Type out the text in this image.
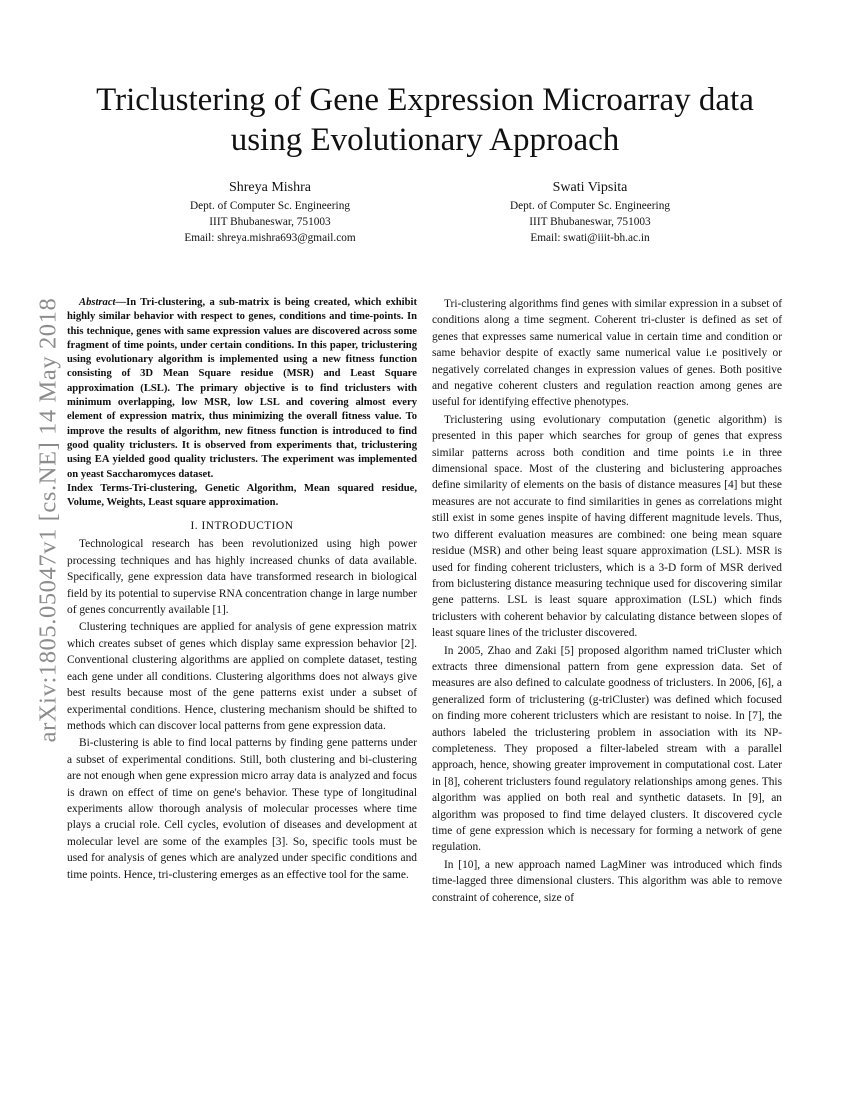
arXiv:1805.05047v1 [cs.NE] 14 May 2018
Triclustering of Gene Expression Microarray data using Evolutionary Approach
Shreya Mishra
Dept. of Computer Sc. Engineering
IIIT Bhubaneswar, 751003
Email: shreya.mishra693@gmail.com
Swati Vipsita
Dept. of Computer Sc. Engineering
IIIT Bhubaneswar, 751003
Email: swati@iiit-bh.ac.in

Abstract—In Tri-clustering, a sub-matrix is being created, which exhibit highly similar behavior with respect to genes, conditions and time-points. In this technique, genes with same expression values are discovered across some fragment of time points, under certain conditions. In this paper, triclustering using evolutionary algorithm is implemented using a new fitness function consisting of 3D Mean Square residue (MSR) and Least Square approximation (LSL). The primary objective is to find triclusters with minimum overlapping, low MSR, low LSL and covering almost every element of expression matrix, thus minimizing the overall fitness value. To improve the results of algorithm, new fitness function is introduced to find good quality triclusters. It is observed from experiments that, triclustering using EA yielded good quality triclusters. The experiment was implemented on yeast Saccharomyces dataset.

Index Terms-Tri-clustering, Genetic Algorithm, Mean squared residue, Volume, Weights, Least square approximation.

I. INTRODUCTION

Technological research has been revolutionized using high power processing techniques and has highly increased chunks of data available. Specifically, gene expression data have transformed research in biological field by its potential to supervise RNA concentration change in large number of genes concurrently available [1].

Clustering techniques are applied for analysis of gene expression matrix which creates subset of genes which display same expression behavior [2]. Conventional clustering algorithms are applied on complete dataset, testing each gene under all conditions. Clustering algorithms does not always give best results because most of the gene patterns exist under a subset of experimental conditions. Hence, clustering mechanism should be shifted to methods which can discover local patterns from gene expression data.

Bi-clustering is able to find local patterns by finding gene patterns under a subset of experimental conditions. Still, both clustering and bi-clustering are not enough when gene expression micro array data is analyzed and focus is drawn on effect of time on gene's behavior. These type of longitudinal experiments allow thorough analysis of molecular processes where time plays a crucial role. Cell cycles, evolution of diseases and development at molecular level are some of the examples [3]. So, specific tools must be used for analysis of genes which are analyzed under specific conditions and time points. Hence, tri-clustering emerges as an effective tool for the same.

Tri-clustering algorithms find genes with similar expression in a subset of conditions along a time segment. Coherent tri-cluster is defined as set of genes that expresses same numerical value in certain time and condition or same behavior despite of exactly same numerical value i.e positively or negatively correlated changes in expression values of genes. Both positive and negative coherent clusters and regulation reaction among genes are useful for identifying effective phenotypes.

Triclustering using evolutionary computation (genetic algorithm) is presented in this paper which searches for group of genes that express similar patterns across both condition and time points i.e in three dimensional space. Most of the clustering and biclustering approaches define similarity of elements on the basis of distance measures [4] but these measures are not accurate to find similarities in genes as correlations might still exist in some genes inspite of having different magnitude levels. Thus, two different evaluation measures are combined: one being mean square residue (MSR) and other being least square approximation (LSL). MSR is used for finding coherent triclusters, which is a 3-D form of MSR derived from biclustering distance measuring technique used for discovering similar gene patterns. LSL is least square approximation (LSL) which finds triclusters with coherent behavior by calculating distance between slopes of least square lines of the tricluster discovered.

In 2005, Zhao and Zaki [5] proposed algorithm named triCluster which extracts three dimensional pattern from gene expression data. Set of measures are also defined to calculate goodness of triclusters. In 2006, [6], a generalized form of triclustering (g-triCluster) was defined which focused on finding more coherent triclusters which are resistant to noise. In [7], the authors labeled the triclustering problem in association with its NP-completeness. They proposed a filter-labeled stream with a parallel approach, hence, showing greater improvement in computational cost. Later in [8], coherent triclusters found regulatory relationships among genes. This algorithm was applied on both real and synthetic datasets. In [9], an algorithm was proposed to find time delayed clusters. It discovered cycle time of gene expression which is necessary for forming a network of gene regulation.

In [10], a new approach named LagMiner was introduced which finds time-lagged three dimensional clusters. This algorithm was able to remove constraint of coherence, size of
